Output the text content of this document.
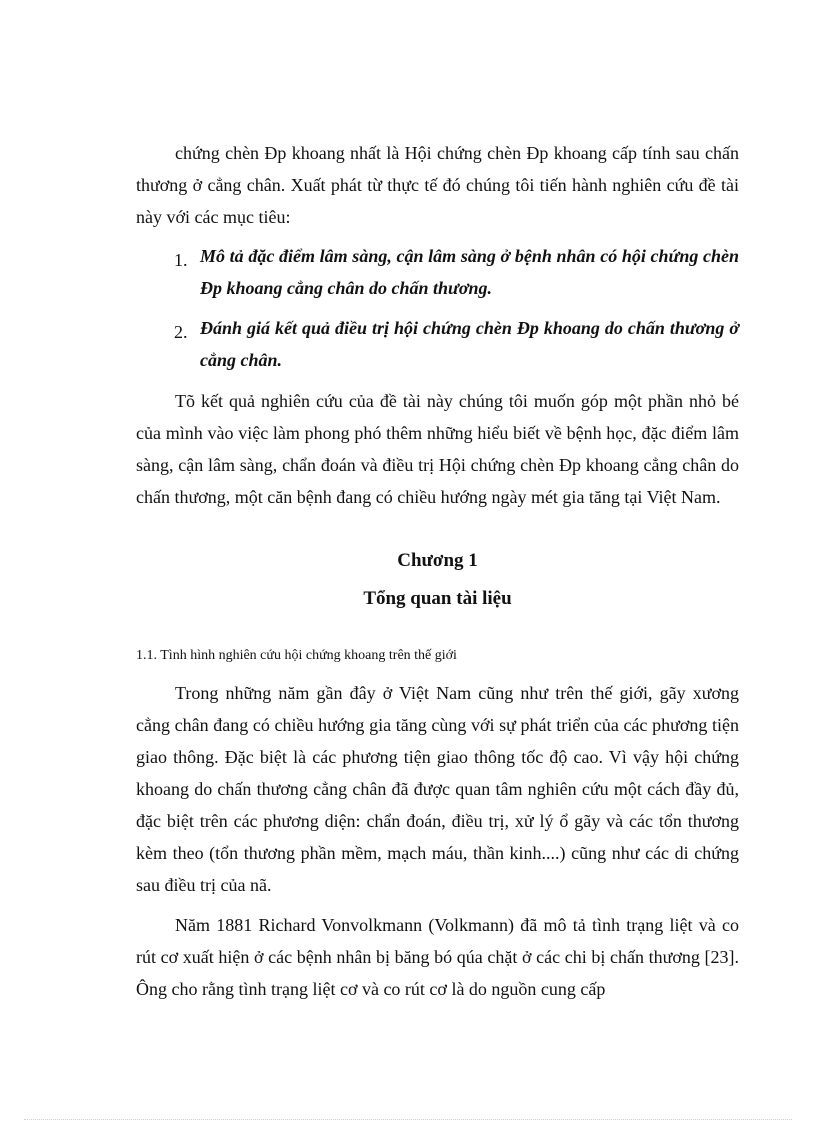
chứng chèn Ðp khoang nhất là Hội chứng chèn Ðp khoang cấp tính sau chấn thương ở cẳng chân. Xuất phát từ thực tế đó chúng tôi tiến hành nghiên cứu đề tài này với các mục tiêu:

1. Mô tả đặc điểm lâm sàng, cận lâm sàng ở bệnh nhân có hội chứng chèn Ðp khoang cẳng chân do chấn thương.
2. Đánh giá kết quả điều trị hội chứng chèn Ðp khoang do chấn thương ở cẳng chân.

Tõ kết quả nghiên cứu của đề tài này chúng tôi muốn góp một phần nhỏ bé của mình vào việc làm phong phó thêm những hiểu biết về bệnh học, đặc điểm lâm sàng, cận lâm sàng, chẩn đoán và điều trị Hội chứng chèn Ðp khoang cẳng chân do chấn thương, một căn bệnh đang có chiều hướng ngày mét gia tăng tại Việt Nam.

Chương 1
Tổng quan tài liệu
1.1. Tình hình nghiên cứu hội chứng khoang trên thế giới

Trong những năm gần đây ở Việt Nam cũng như trên thế giới, gãy xương cẳng chân đang có chiều hướng gia tăng cùng với sự phát triển của các phương tiện giao thông. Đặc biệt là các phương tiện giao thông tốc độ cao. Vì vậy hội chứng khoang do chấn thương cẳng chân đã được quan tâm nghiên cứu một cách đầy đủ, đặc biệt trên các phương diện: chẩn đoán, điều trị, xử lý ổ gãy và các tổn thương kèm theo (tổn thương phần mềm, mạch máu, thần kinh....) cũng như các di chứng sau điều trị của nã.

Năm 1881 Richard Vonvolkmann (Volkmann) đã mô tả tình trạng liệt và co rút cơ xuất hiện ở các bệnh nhân bị băng bó qúa chặt ở các chi bị chấn thương [23]. Ông cho rằng tình trạng liệt cơ và co rút cơ là do nguồn cung cấp
